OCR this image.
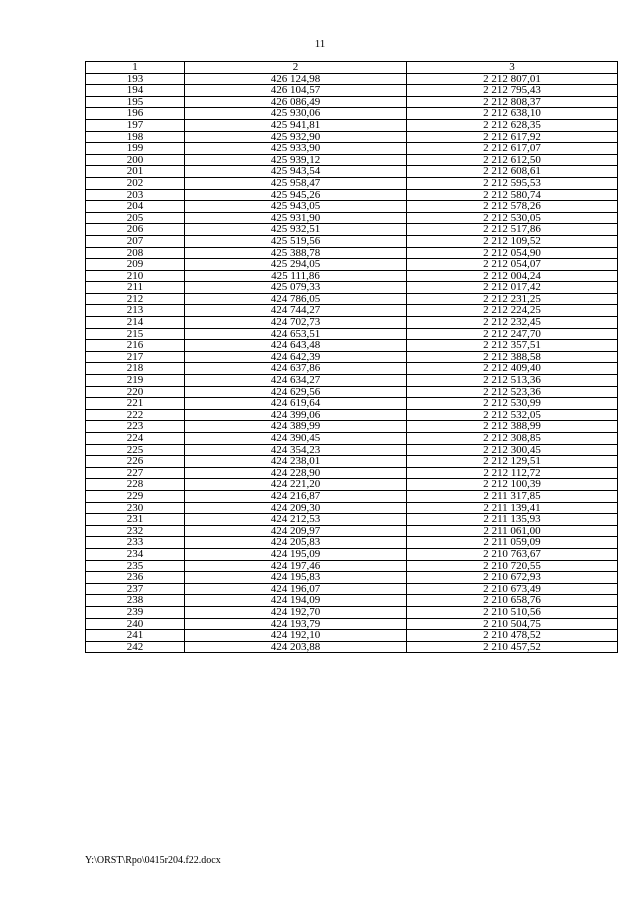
11
1	2	3
193	426 124,98	2 212 807,01
194	426 104,57	2 212 795,43
195	426 086,49	2 212 808,37
196	425 930,06	2 212 638,10
197	425 941,81	2 212 628,35
198	425 932,90	2 212 617,92
199	425 933,90	2 212 617,07
200	425 939,12	2 212 612,50
201	425 943,54	2 212 608,61
202	425 958,47	2 212 595,53
203	425 945,26	2 212 580,74
204	425 943,05	2 212 578,26
205	425 931,90	2 212 530,05
206	425 932,51	2 212 517,86
207	425 519,56	2 212 109,52
208	425 388,78	2 212 054,90
209	425 294,05	2 212 054,07
210	425 111,86	2 212 004,24
211	425 079,33	2 212 017,42
212	424 786,05	2 212 231,25
213	424 744,27	2 212 224,25
214	424 702,73	2 212 232,45
215	424 653,51	2 212 247,70
216	424 643,48	2 212 357,51
217	424 642,39	2 212 388,58
218	424 637,86	2 212 409,40
219	424 634,27	2 212 513,36
220	424 629,56	2 212 523,36
221	424 619,64	2 212 530,99
222	424 399,06	2 212 532,05
223	424 389,99	2 212 388,99
224	424 390,45	2 212 308,85
225	424 354,23	2 212 300,45
226	424 238,01	2 212 129,51
227	424 228,90	2 212 112,72
228	424 221,20	2 212 100,39
229	424 216,87	2 211 317,85
230	424 209,30	2 211 139,41
231	424 212,53	2 211 135,93
232	424 209,97	2 211 061,00
233	424 205,83	2 211 059,09
234	424 195,09	2 210 763,67
235	424 197,46	2 210 720,55
236	424 195,83	2 210 672,93
237	424 196,07	2 210 673,49
238	424 194,09	2 210 658,76
239	424 192,70	2 210 510,56
240	424 193,79	2 210 504,75
241	424 192,10	2 210 478,52
242	424 203,88	2 210 457,52
Y:\ORST\Rpo\0415r204.f22.docx
